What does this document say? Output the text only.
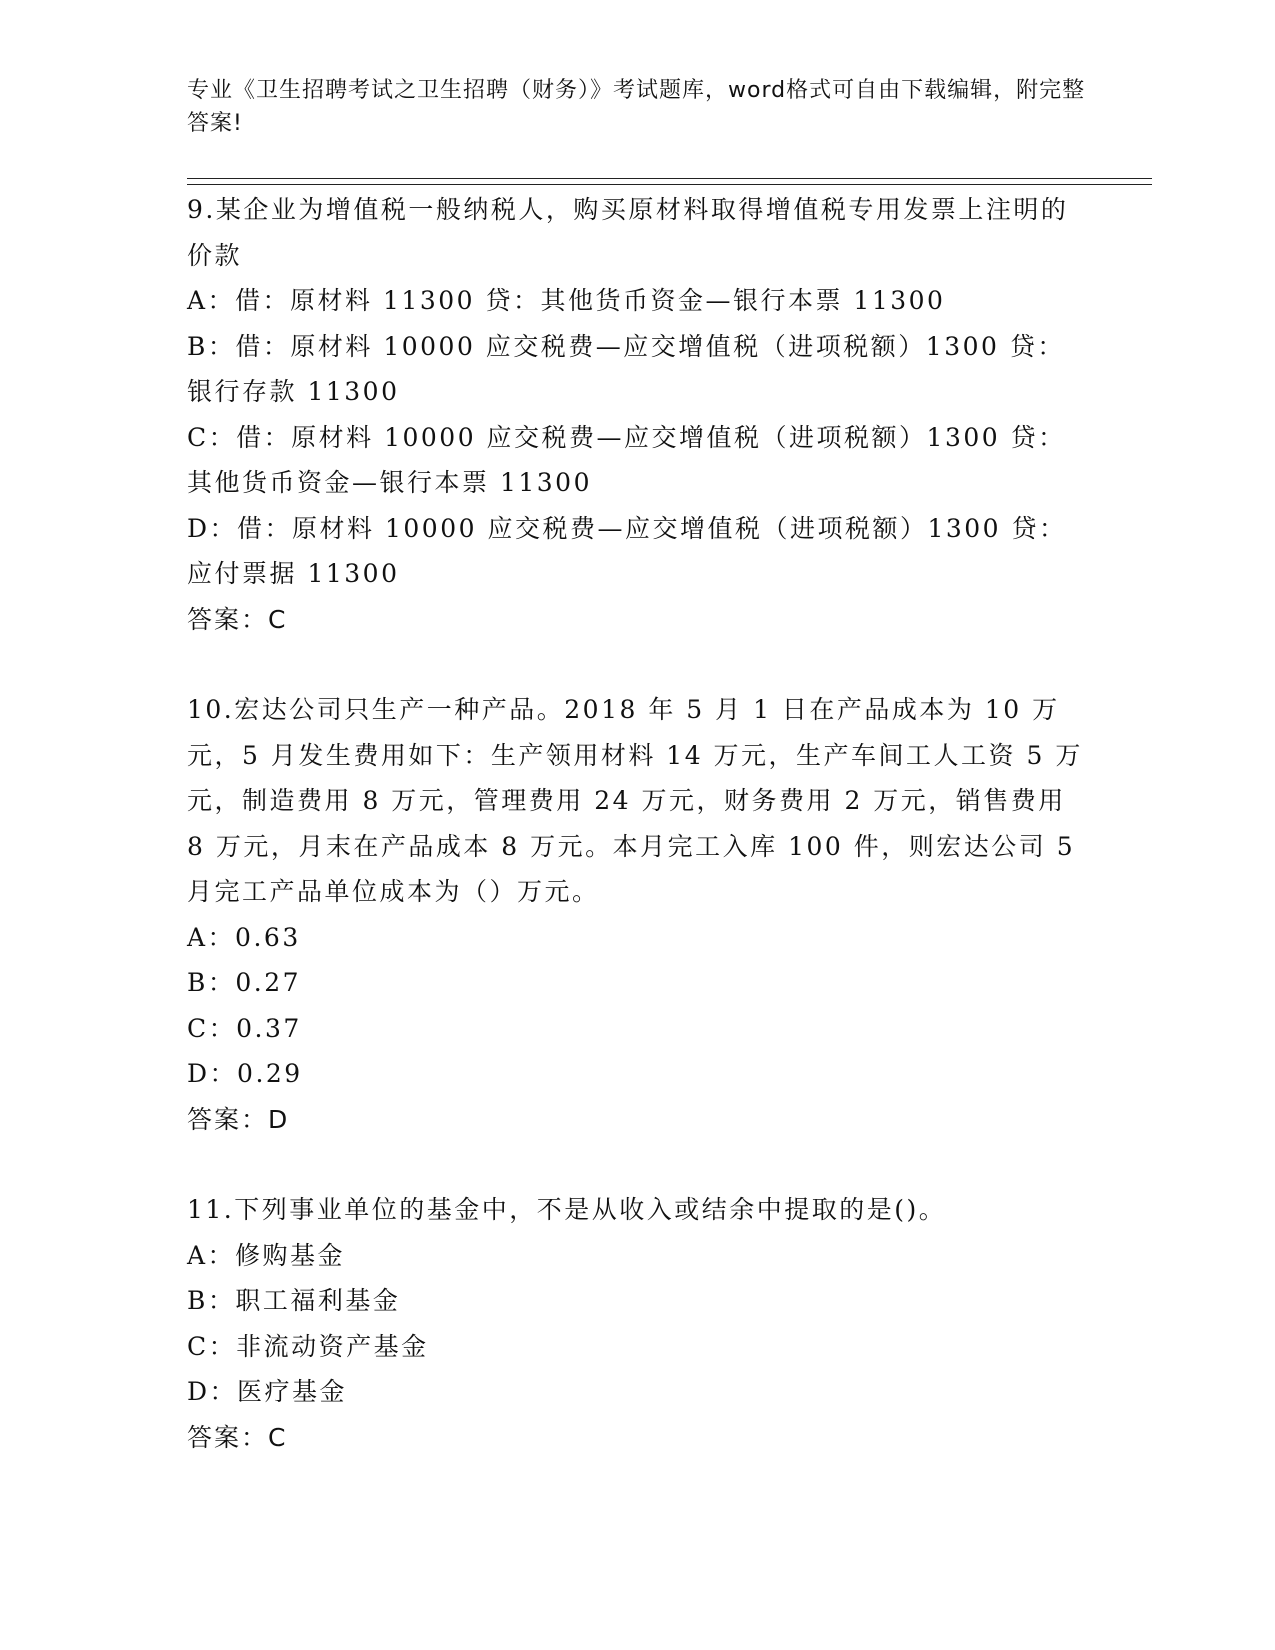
专业《卫生招聘考试之卫生招聘（财务）》考试题库，word格式可自由下载编辑，附完整答案!
9.某企业为增值税一般纳税人，购买原材料取得增值税专用发票上注明的价款
A：借：原材料 11300 贷：其他货币资金—银行本票 11300
B：借：原材料 10000 应交税费—应交增值税（进项税额）1300 贷：银行存款 11300
C：借：原材料 10000 应交税费—应交增值税（进项税额）1300 贷：其他货币资金—银行本票 11300
D：借：原材料 10000 应交税费—应交增值税（进项税额）1300 贷：应付票据 11300
答案：C
10.宏达公司只生产一种产品。2018 年 5 月 1 日在产品成本为 10 万元，5 月发生费用如下：生产领用材料 14 万元，生产车间工人工资 5 万元，制造费用 8 万元，管理费用 24 万元，财务费用 2 万元，销售费用 8 万元，月末在产品成本 8 万元。本月完工入库 100 件，则宏达公司 5 月完工产品单位成本为（）万元。
A：0.63
B：0.27
C：0.37
D：0.29
答案：D
11.下列事业单位的基金中，不是从收入或结余中提取的是()。
A：修购基金
B：职工福利基金
C：非流动资产基金
D：医疗基金
答案：C
